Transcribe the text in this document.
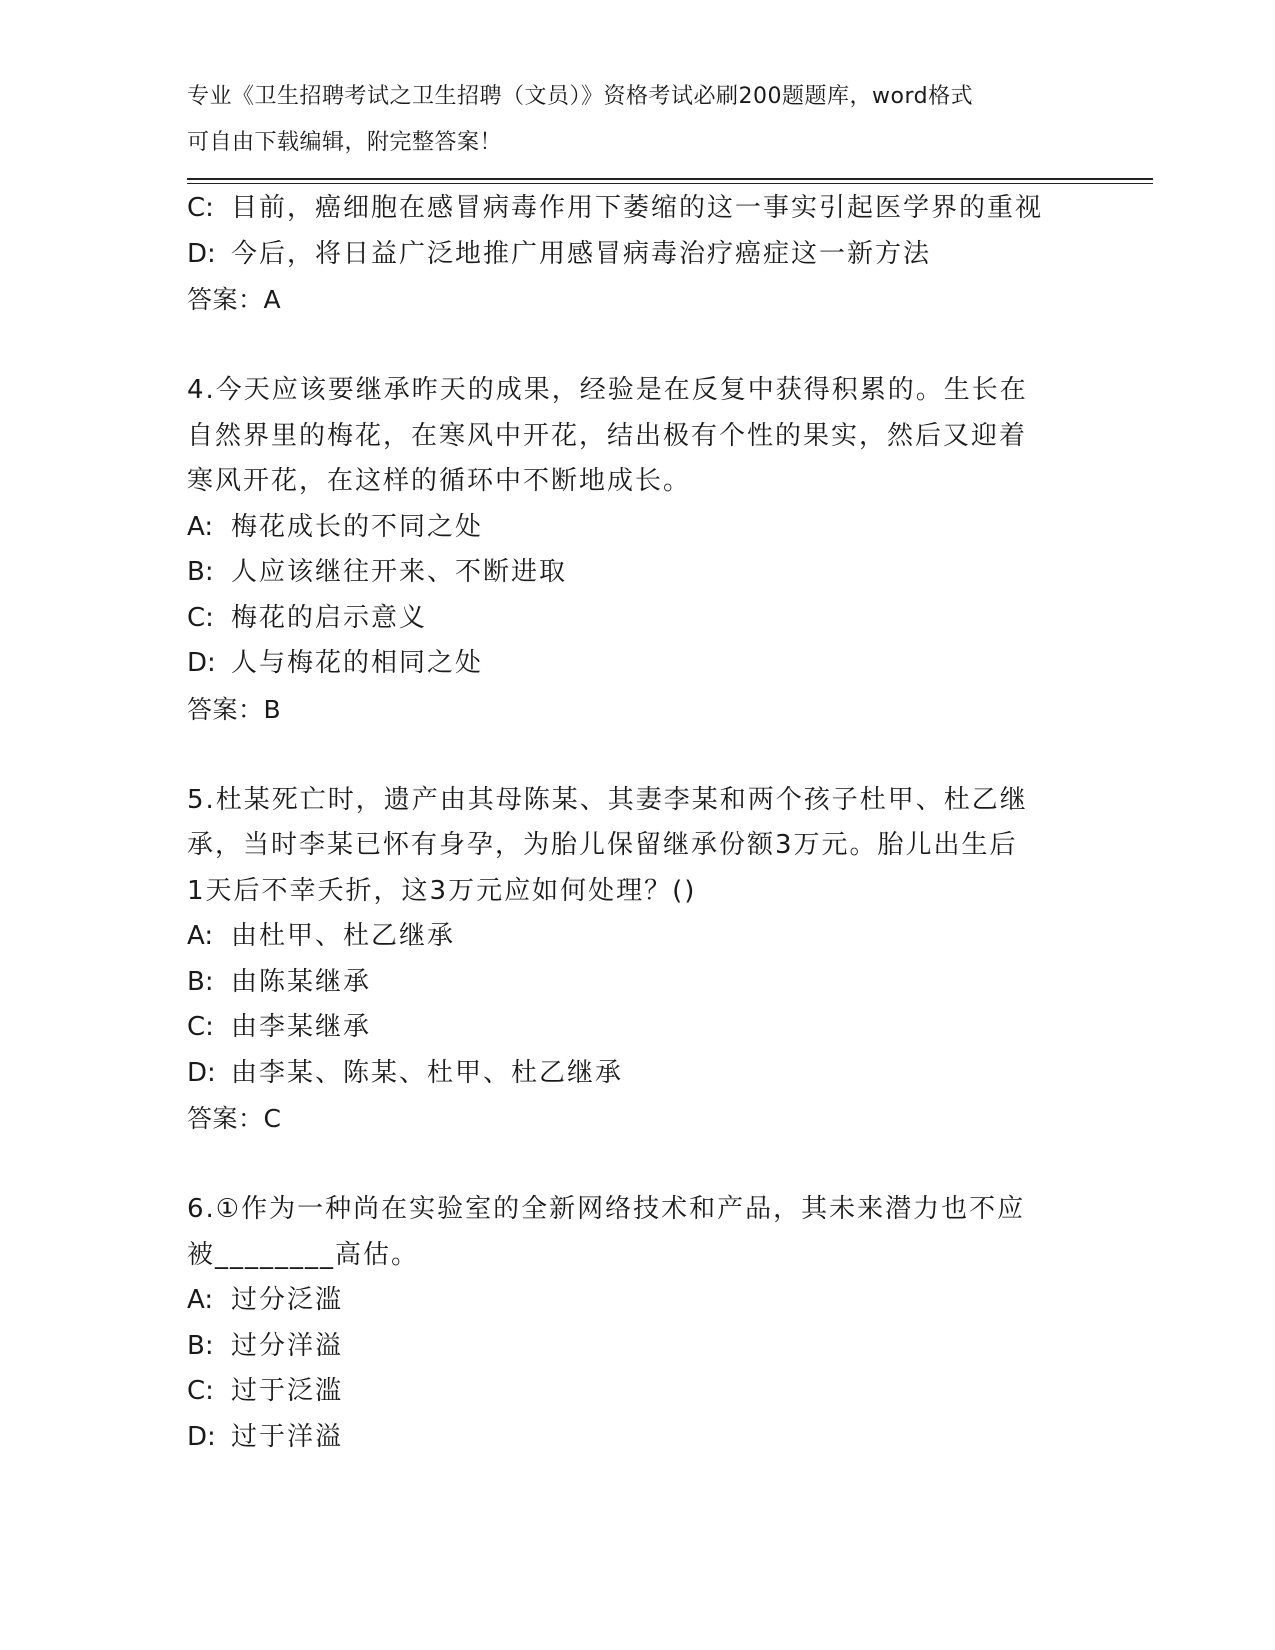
专业《卫生招聘考试之卫生招聘（文员）》资格考试必刷200题题库，word格式
可自由下载编辑，附完整答案！
C: 目前，癌细胞在感冒病毒作用下萎缩的这一事实引起医学界的重视
D: 今后，将日益广泛地推广用感冒病毒治疗癌症这一新方法
答案：A
4.今天应该要继承昨天的成果，经验是在反复中获得积累的。生长在
自然界里的梅花，在寒风中开花，结出极有个性的果实，然后又迎着
寒风开花，在这样的循环中不断地成长。
A: 梅花成长的不同之处
B: 人应该继往开来、不断进取
C: 梅花的启示意义
D: 人与梅花的相同之处
答案：B
5.杜某死亡时，遗产由其母陈某、其妻李某和两个孩子杜甲、杜乙继
承，当时李某已怀有身孕，为胎儿保留继承份额3万元。胎儿出生后
1天后不幸夭折，这3万元应如何处理？()
A: 由杜甲、杜乙继承
B: 由陈某继承
C: 由李某继承
D: 由李某、陈某、杜甲、杜乙继承
答案：C
6.①作为一种尚在实验室的全新网络技术和产品，其未来潜力也不应
被________高估。
A: 过分泛滥
B: 过分洋溢
C: 过于泛滥
D: 过于洋溢
